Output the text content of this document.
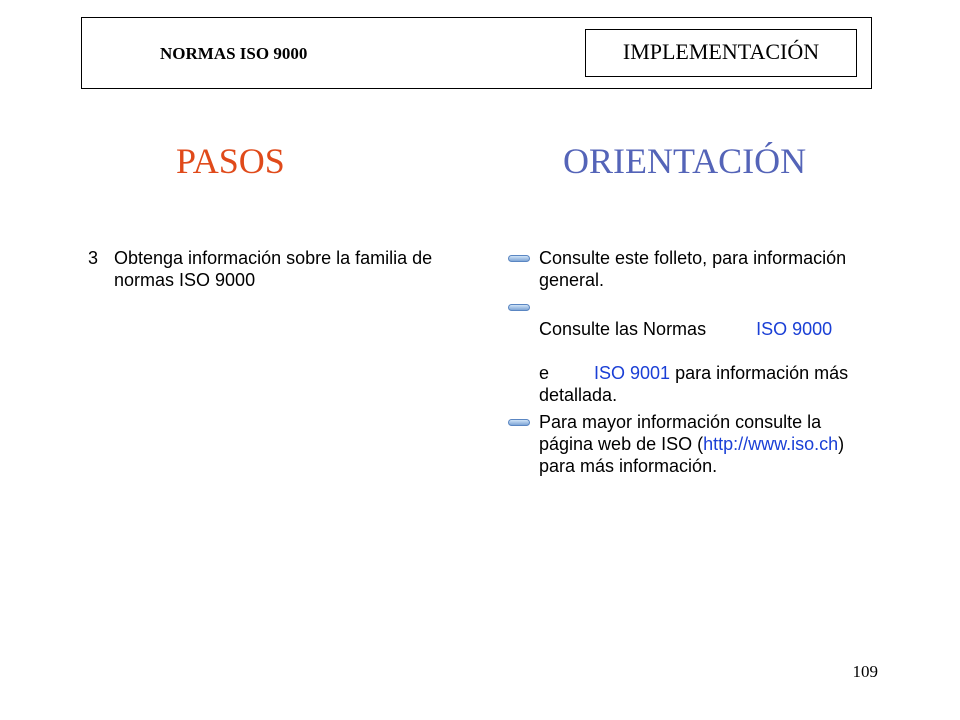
NORMAS ISO 9000	IMPLEMENTACIÓN
PASOS	ORIENTACIÓN
3 Obtenga información sobre la familia de normas ISO 9000
Consulte este folleto, para información general.
Consulte las Normas	ISO 9000
e	ISO 9001 para información más detallada.
Para mayor información consulte la página web de ISO (http://www.iso.ch) para más información.
109
